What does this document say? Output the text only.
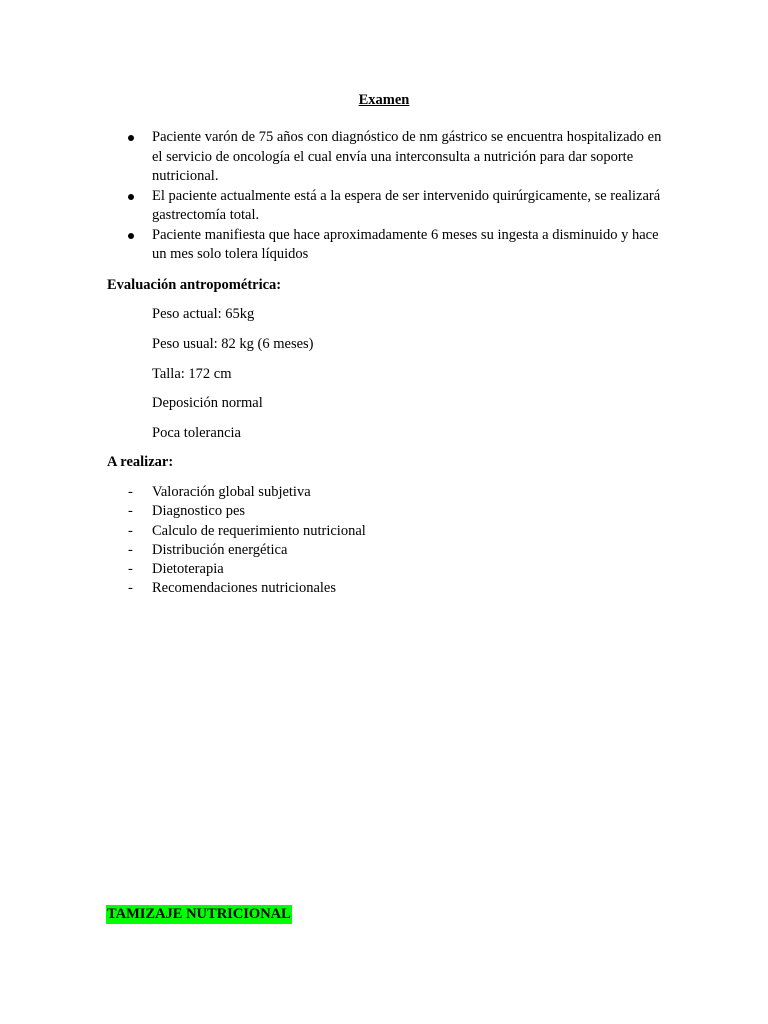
Examen
Paciente varón de 75 años con diagnóstico de nm gástrico se encuentra hospitalizado en el servicio de oncología el cual envía una interconsulta a nutrición para dar soporte nutricional.
El paciente actualmente está a la espera de ser intervenido quirúrgicamente, se realizará gastrectomía total.
Paciente manifiesta que hace aproximadamente 6 meses su ingesta a disminuido y hace un mes solo tolera líquidos
Evaluación antropométrica:
Peso actual: 65kg
Peso usual: 82 kg (6 meses)
Talla: 172 cm
Deposición normal
Poca tolerancia
A realizar:
- Valoración global subjetiva
- Diagnostico pes
- Calculo de requerimiento nutricional
- Distribución energética
- Dietoterapia
- Recomendaciones nutricionales
TAMIZAJE NUTRICIONAL
